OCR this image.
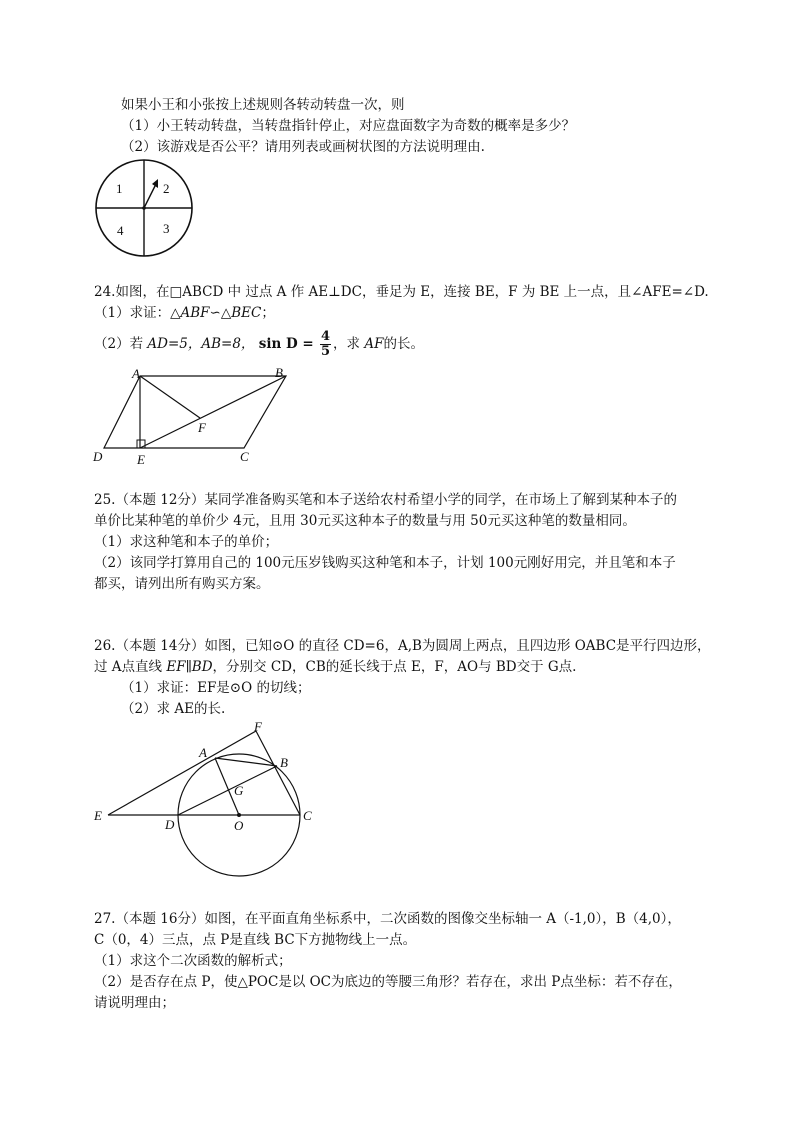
如果小王和小张按上述规则各转动转盘一次，则
（1）小王转动转盘，当转盘指针停止，对应盘面数字为奇数的概率是多少？
（2）该游戏是否公平？请用列表或画树状图的方法说明理由.
1	2
4	3
24.如图，在□ABCD 中 过点 A 作 AE⊥DC，垂足为 E，连接 BE，F 为 BE 上一点，且∠AFE=∠D.
（1）求证：△ABF∽△BEC；
（2）若 AD=5，AB=8， $\sin D = \frac{4}{5}$ ，求 AF的长。
A	B
C
D	E
F
25.（本题 12分）某同学准备购买笔和本子送给农村希望小学的同学，在市场上了解到某种本子的
单价比某种笔的单价少 4元，且用 30元买这种本子的数量与用 50元买这种笔的数量相同。
（1）求这种笔和本子的单价；
（2）该同学打算用自己的 100元压岁钱购买这种笔和本子，计划 100元刚好用完，并且笔和本子
都买，请列出所有购买方案。
26.（本题 14分）如图，已知⊙O 的直径 CD=6，A,B为圆周上两点，且四边形 OABC是平行四边形，
过 A点直线 EF∥BD，分别交 CD，CB的延长线于点 E，F，AO与 BD交于 G点.
（1）求证：EF是⊙O 的切线；
（2）求 AE的长.
E
D	O
C
A
B
F
G
27.（本题 16分）如图，在平面直角坐标系中，二次函数的图像交坐标轴一 A（-1,0），B（4,0），
C（0，4）三点，点 P是直线 BC下方抛物线上一点。
（1）求这个二次函数的解析式；
（2）是否存在点 P，使△POC是以 OC为底边的等腰三角形？若存在，求出 P点坐标：若不存在，
请说明理由；
